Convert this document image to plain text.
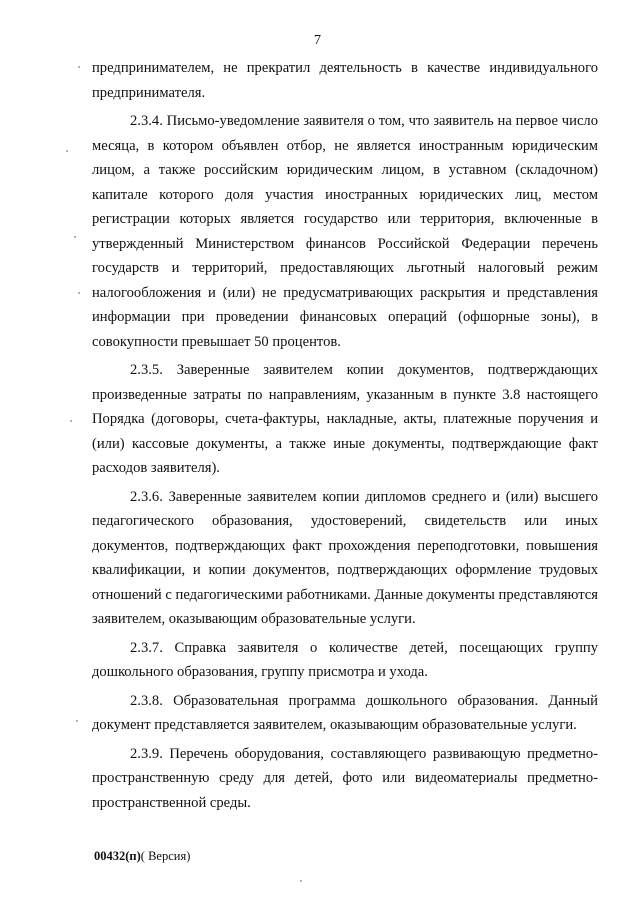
7

предпринимателем, не прекратил деятельность в качестве индивидуального предпринимателя.

2.3.4. Письмо-уведомление заявителя о том, что заявитель на первое число месяца, в котором объявлен отбор, не является иностранным юридическим лицом, а также российским юридическим лицом, в уставном (складочном) капитале которого доля участия иностранных юридических лиц, местом регистрации которых является государство или территория, включенные в утвержденный Министерством финансов Российской Федерации перечень государств и территорий, предоставляющих льготный налоговый режим налогообложения и (или) не предусматривающих раскрытия и представления информации при проведении финансовых операций (офшорные зоны), в совокупности превышает 50 процентов.

2.3.5. Заверенные заявителем копии документов, подтверждающих произведенные затраты по направлениям, указанным в пункте 3.8 настоящего Порядка (договоры, счета-фактуры, накладные, акты, платежные поручения и (или) кассовые документы, а также иные документы, подтверждающие факт расходов заявителя).

2.3.6. Заверенные заявителем копии дипломов среднего и (или) высшего педагогического образования, удостоверений, свидетельств или иных документов, подтверждающих факт прохождения переподготовки, повышения квалификации, и копии документов, подтверждающих оформление трудовых отношений с педагогическими работниками. Данные документы представляются заявителем, оказывающим образовательные услуги.

2.3.7. Справка заявителя о количестве детей, посещающих группу дошкольного образования, группу присмотра и ухода.

2.3.8. Образовательная программа дошкольного образования. Данный документ представляется заявителем, оказывающим образовательные услуги.

2.3.9. Перечень оборудования, составляющего развивающую предметно-пространственную среду для детей, фото или видеоматериалы предметно-пространственной среды.

00432(п)( Версия)
